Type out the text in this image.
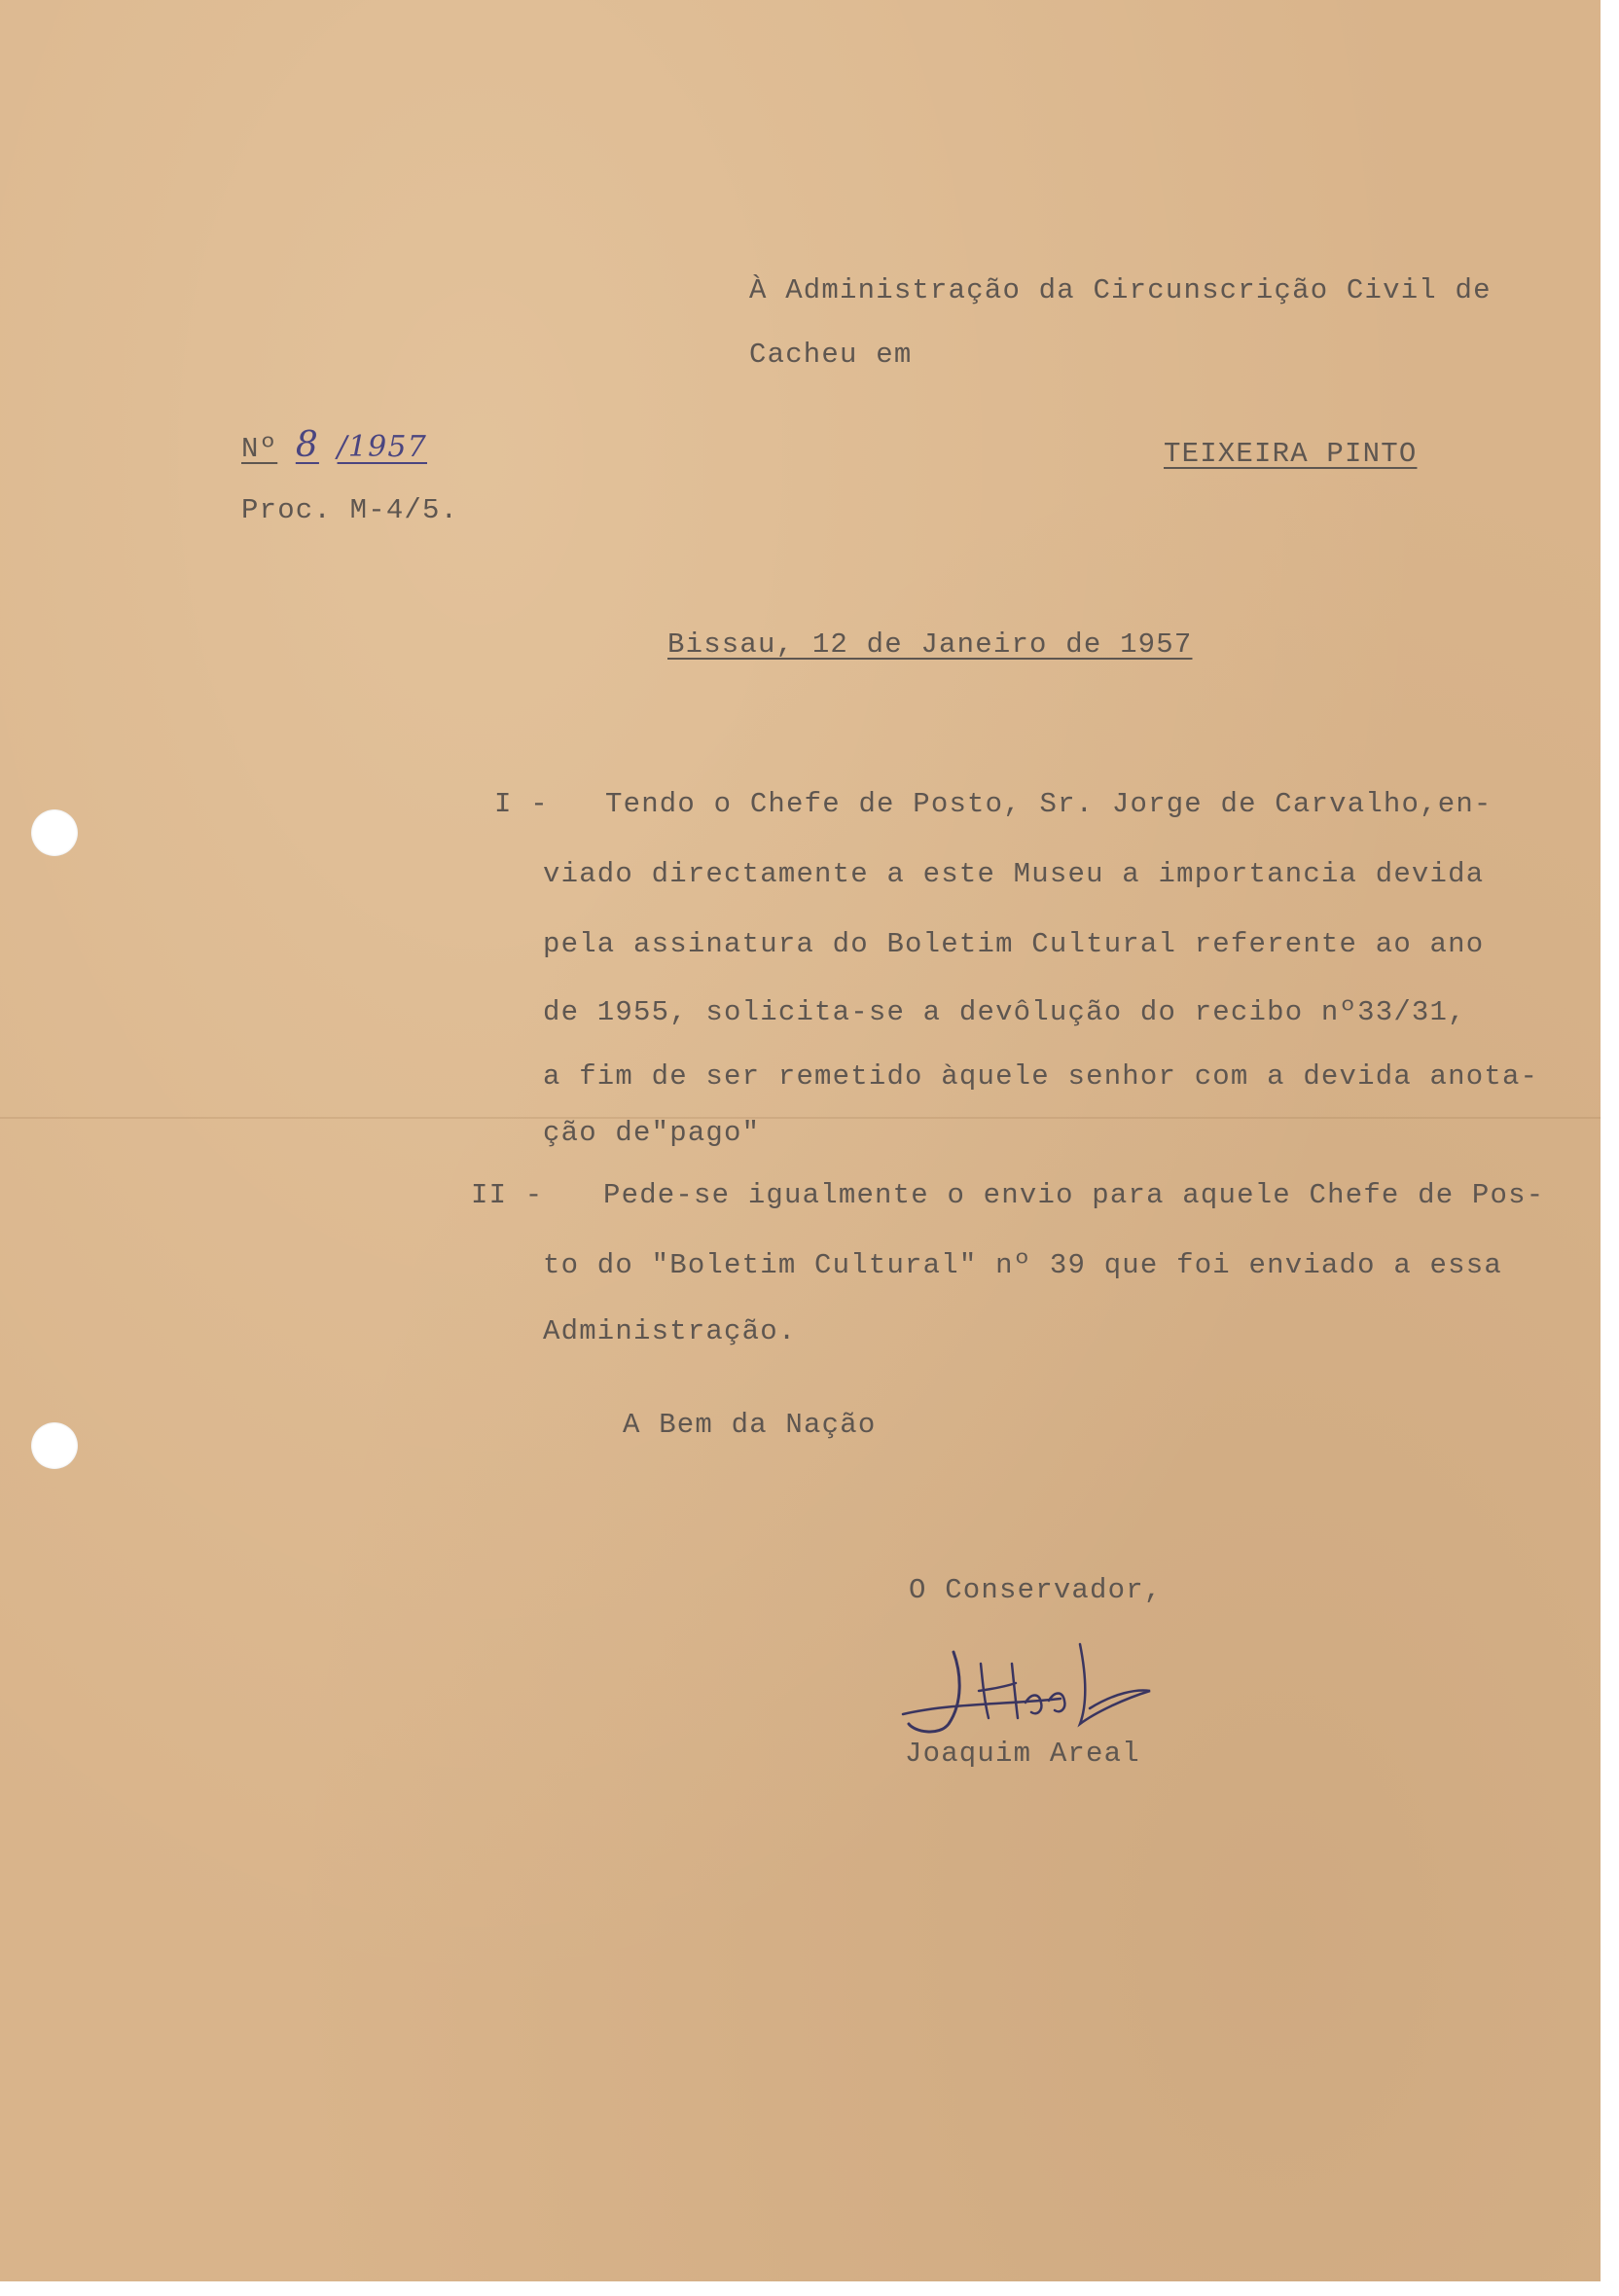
À Administração da Circunscrição Civil de
Cacheu em
Nº 8 /1957	TEIXEIRA PINTO
Proc. M-4/5.
Bissau, 12 de Janeiro de 1957
I - Tendo o Chefe de Posto, Sr. Jorge de Carvalho,en-
viado directamente a este Museu a importancia devida
pela assinatura do Boletim Cultural referente ao ano
de 1955, solicita-se a devôlução do recibo nº33/31,
a fim de ser remetido àquele senhor com a devida anota-
ção de"pago"
II - Pede-se igualmente o envio para aquele Chefe de Pos-
to do "Boletim Cultural" nº 39 que foi enviado a essa
Administração.
A Bem da Nação
O Conservador,
Joaquim Areal
